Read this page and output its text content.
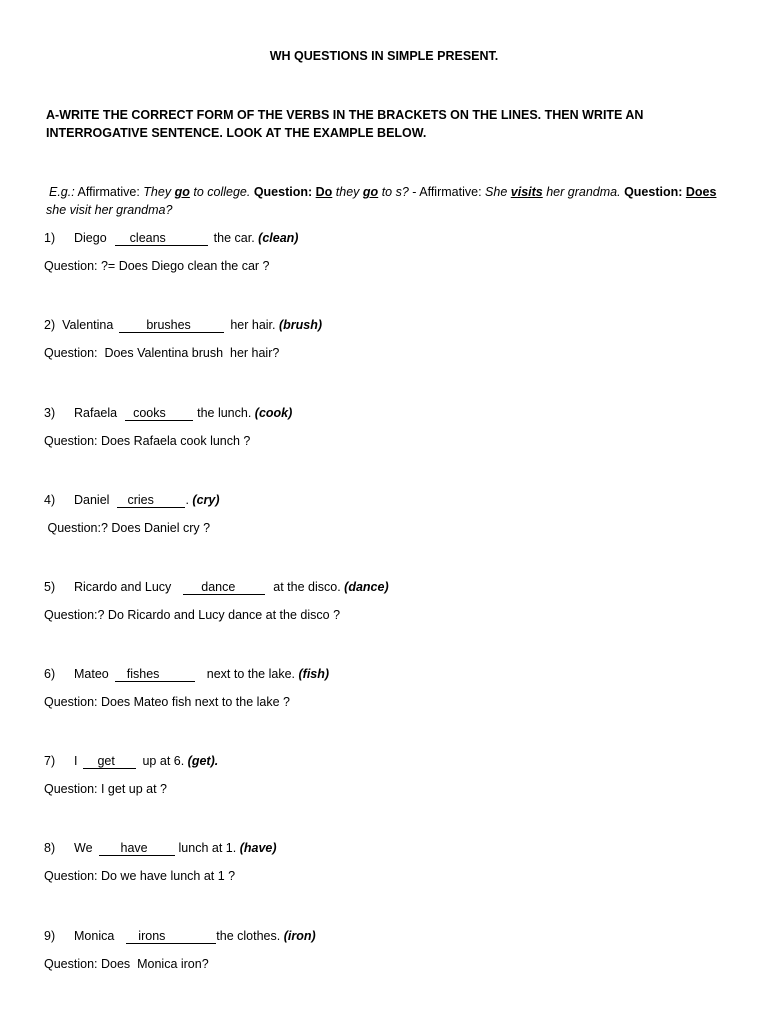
WH QUESTIONS IN SIMPLE PRESENT.
A-WRITE THE CORRECT FORM OF THE VERBS IN THE BRACKETS ON THE LINES. THEN WRITE AN INTERROGATIVE SENTENCE. LOOK AT THE EXAMPLE BELOW.
E.g.: Affirmative: They go to college. Question: Do they go to s? - Affirmative: She visits her grandma. Question: Does she visit her grandma?
1) Diego cleans	the car. (clean)
Question: ?= Does Diego clean the car ?
2) Valentina	brushes	her hair. (brush)
Question:  Does Valentina brush  her hair?
3) Rafaela cooks	the lunch. (cook)
Question: Does Rafaela cook lunch ?
4) Daniel cries	. (cry)
Question:? Does Daniel cry ?
5) Ricardo and Lucy dance	at the disco. (dance)
Question:? Do Ricardo and Lucy dance at the disco ?
6) Mateo fishes	next to the lake. (fish)
Question: Does Mateo fish next to the lake ?
7) I get up at 6. (get).
Question: I get up at ?
8) We have lunch at 1. (have)
Question: Do we have lunch at 1 ?
9) Monica irons	the clothes. (iron)
Question: Does  Monica iron?
